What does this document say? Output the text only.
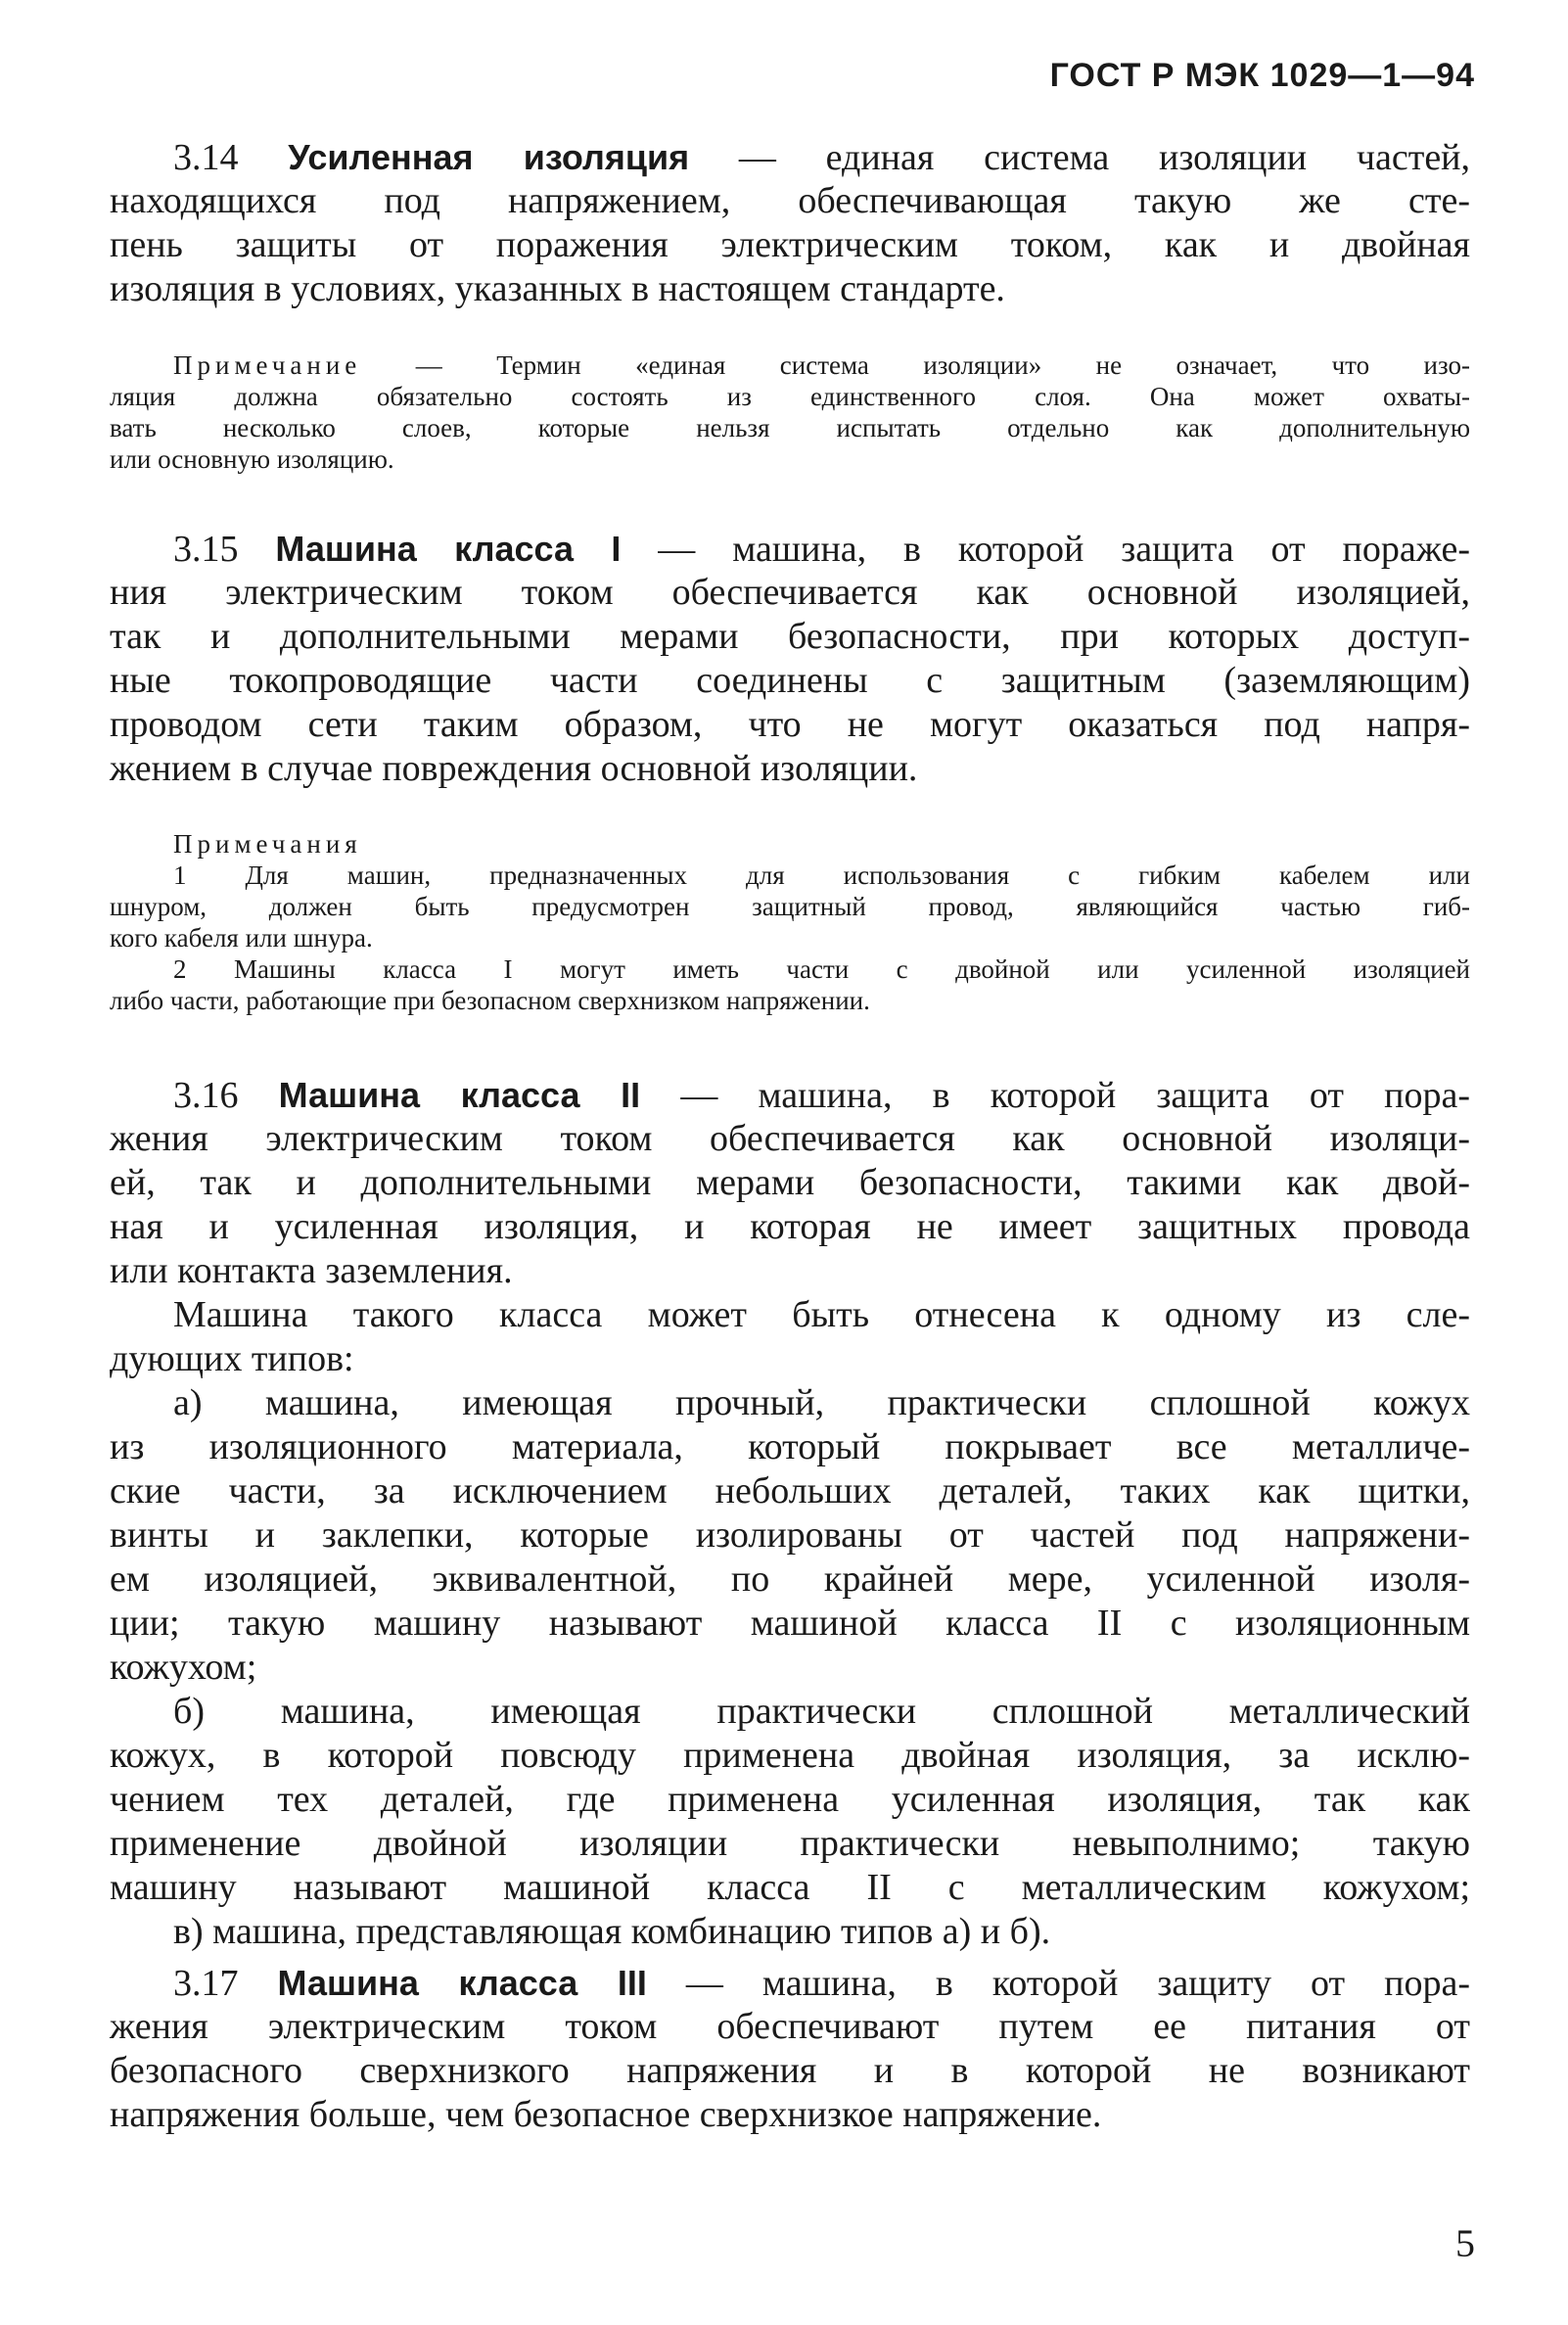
ГОСТ Р МЭК 1029—1—94
3.14 Усиленная изоляция — единая система изоляции частей,
находящихся под напряжением, обеспечивающая такую же сте-
пень защиты от поражения электрическим током, как и двойная
изоляция в условиях, указанных в настоящем стандарте.
Примечание — Термин «единая система изоляции» не означает, что изо-
ляция должна обязательно состоять из единственного слоя. Она может охваты-
вать несколько слоев, которые нельзя испытать отдельно как дополнительную
или основную изоляцию.
3.15 Машина класса I — машина, в которой защита от пораже-
ния электрическим током обеспечивается как основной изоляцией,
так и дополнительными мерами безопасности, при которых доступ-
ные токопроводящие части соединены с защитным (заземляющим)
проводом сети таким образом, что не могут оказаться под напря-
жением в случае повреждения основной изоляции.
Примечания
1 Для машин, предназначенных для использования с гибким кабелем или
шнуром, должен быть предусмотрен защитный провод, являющийся частью гиб-
кого кабеля или шнура.
2 Машины класса I могут иметь части с двойной или усиленной изоляцией
либо части, работающие при безопасном сверхнизком напряжении.
3.16 Машина класса II — машина, в которой защита от пора-
жения электрическим током обеспечивается как основной изоляци-
ей, так и дополнительными мерами безопасности, такими как двой-
ная и усиленная изоляция, и которая не имеет защитных провода
или контакта заземления.
Машина такого класса может быть отнесена к одному из сле-
дующих типов:
а) машина, имеющая прочный, практически сплошной кожух
из изоляционного материала, который покрывает все металличе-
ские части, за исключением небольших деталей, таких как щитки,
винты и заклепки, которые изолированы от частей под напряжени-
ем изоляцией, эквивалентной, по крайней мере, усиленной изоля-
ции; такую машину называют машиной класса II с изоляционным
кожухом;
б) машина, имеющая практически сплошной металлический
кожух, в которой повсюду применена двойная изоляция, за исклю-
чением тех деталей, где применена усиленная изоляция, так как
применение двойной изоляции практически невыполнимо; такую
машину называют машиной класса II с металлическим кожухом;
в) машина, представляющая комбинацию типов а) и б).
3.17 Машина класса III — машина, в которой защиту от пора-
жения электрическим током обеспечивают путем ее питания от
безопасного сверхнизкого напряжения и в которой не возникают
напряжения больше, чем безопасное сверхнизкое напряжение.
5
